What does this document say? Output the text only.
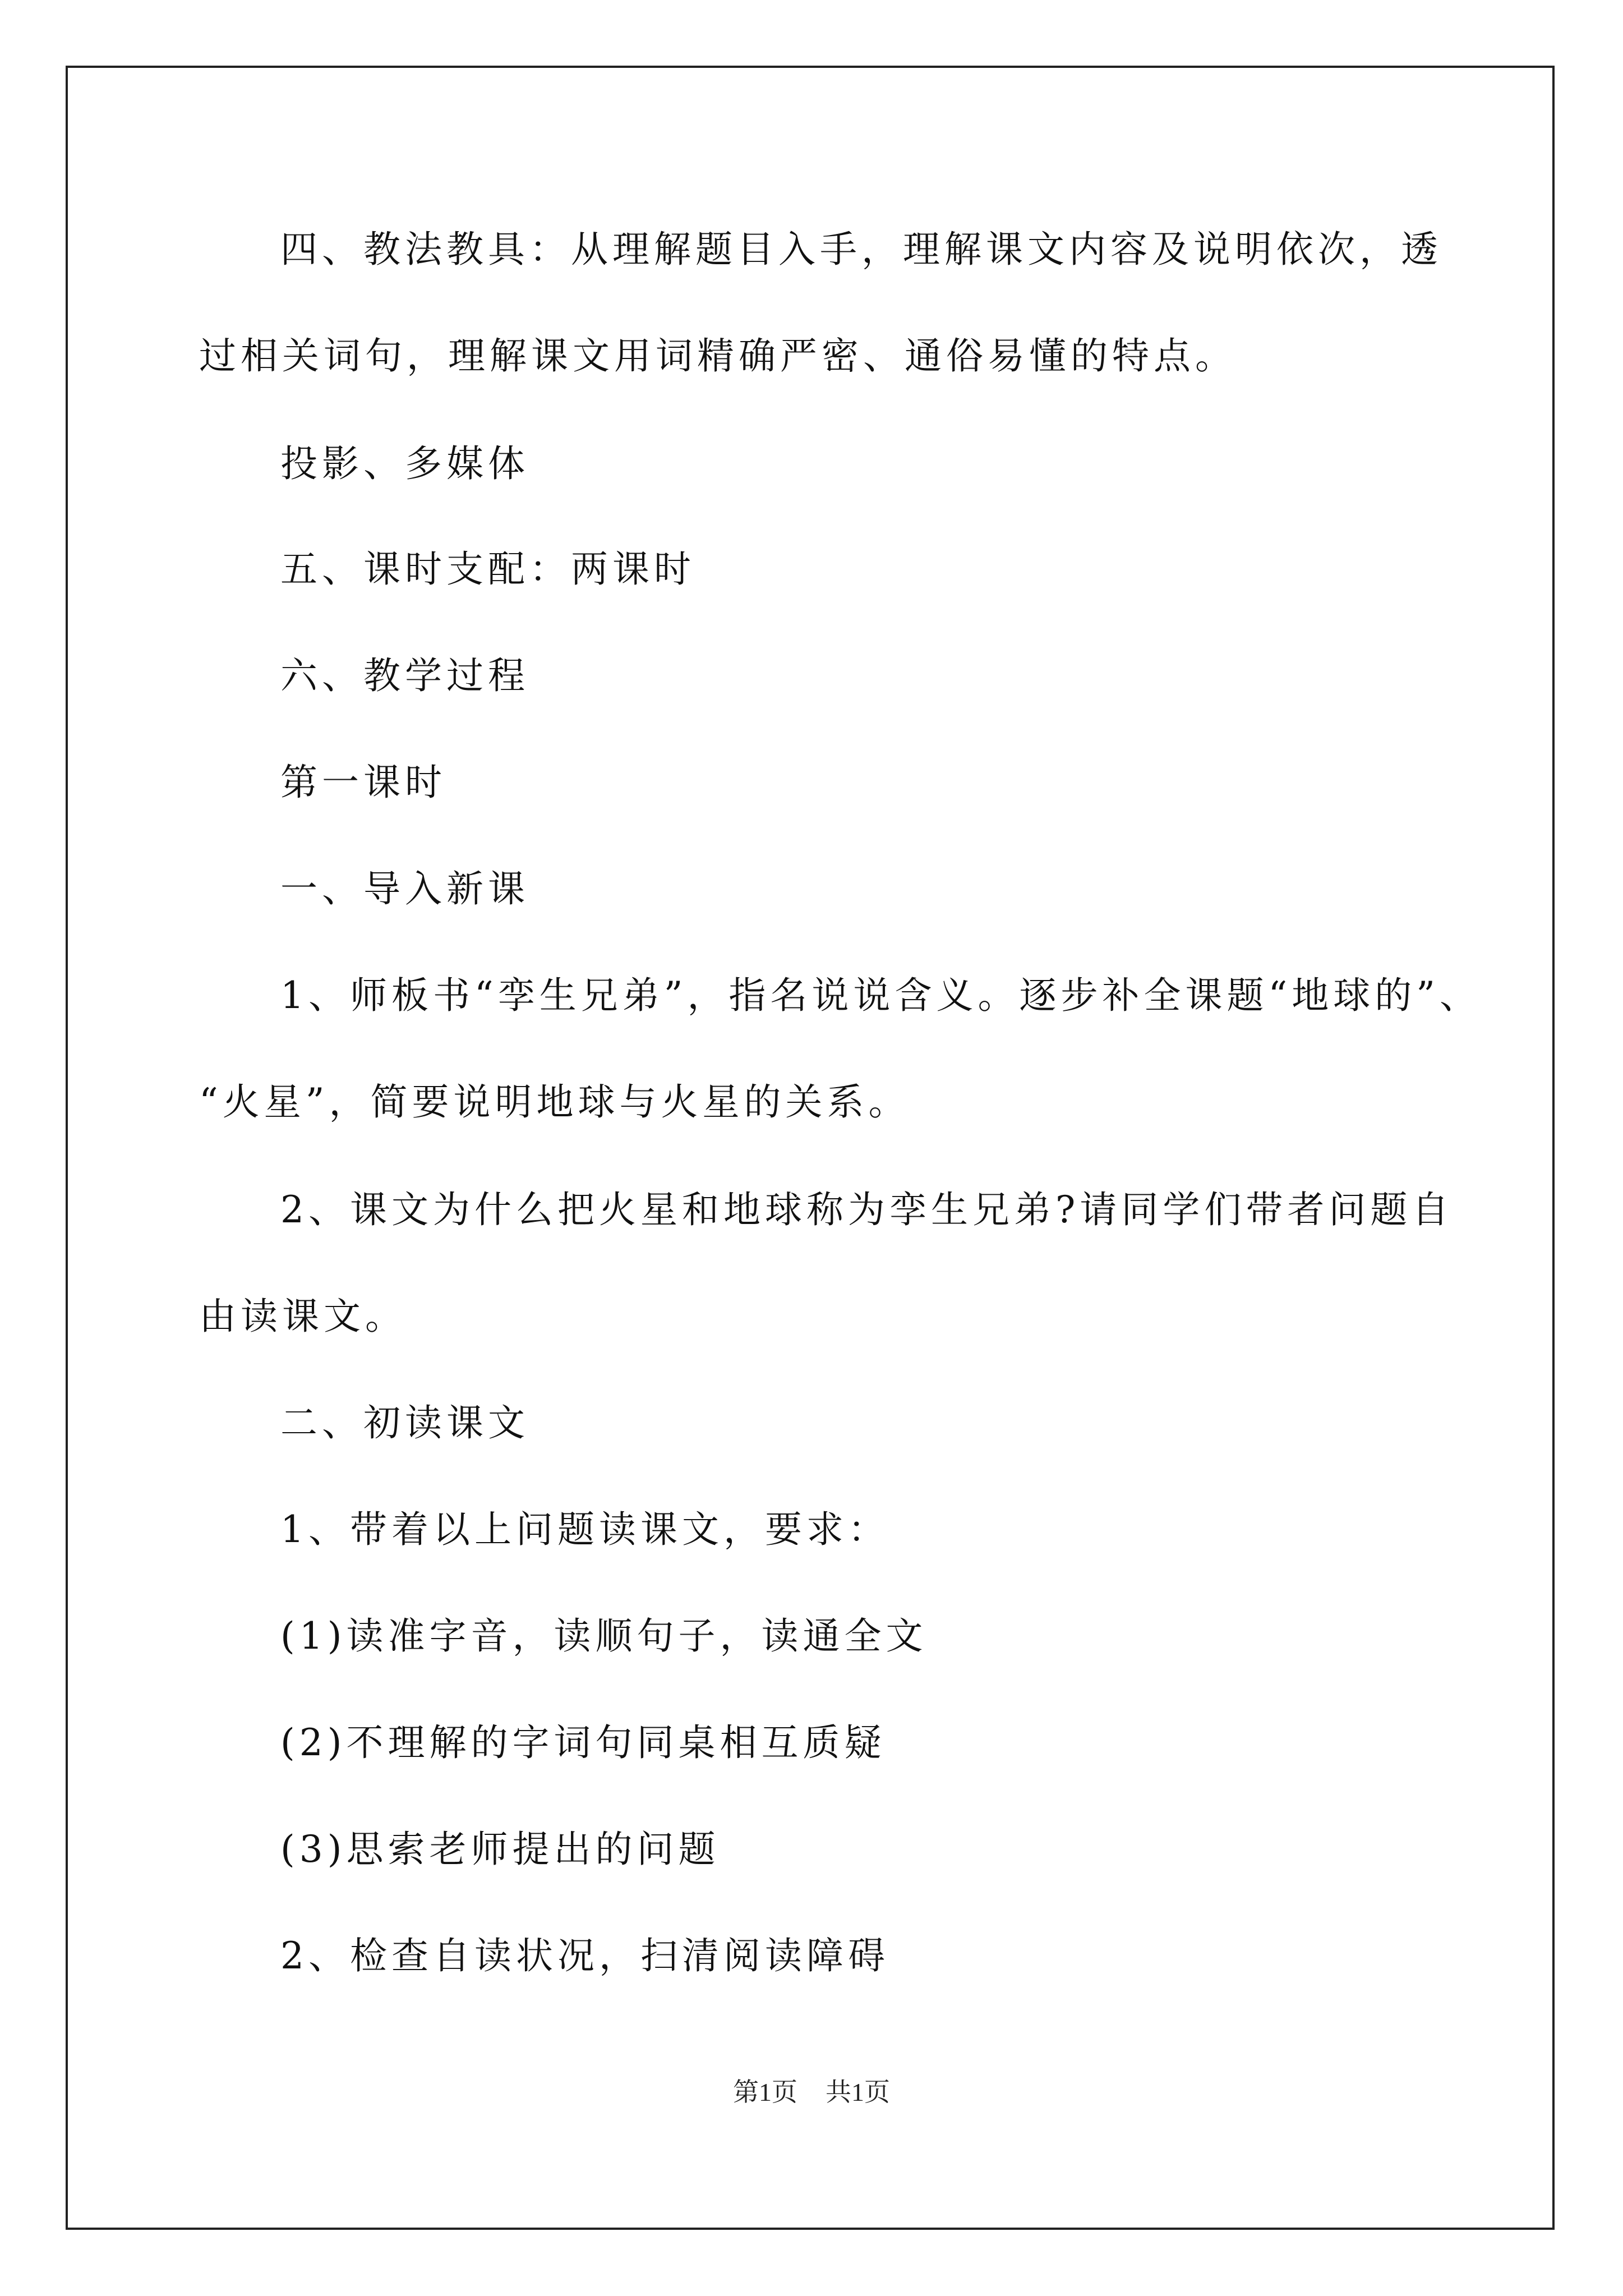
四、教法教具：从理解题目入手，理解课文内容及说明依次，透
过相关词句，理解课文用词精确严密、通俗易懂的特点。
投影、多媒体
五、课时支配：两课时
六、教学过程
第一课时
一、导入新课
1、师板书“孪生兄弟”，指名说说含义。逐步补全课题“地球的”、
“火星”，简要说明地球与火星的关系。
2、课文为什么把火星和地球称为孪生兄弟?请同学们带者问题自
由读课文。
二、初读课文
1、带着以上问题读课文，要求：
(1)读准字音，读顺句子，读通全文
(2)不理解的字词句同桌相互质疑
(3)思索老师提出的问题
2、检查自读状况，扫清阅读障碍
第1页 共1页
